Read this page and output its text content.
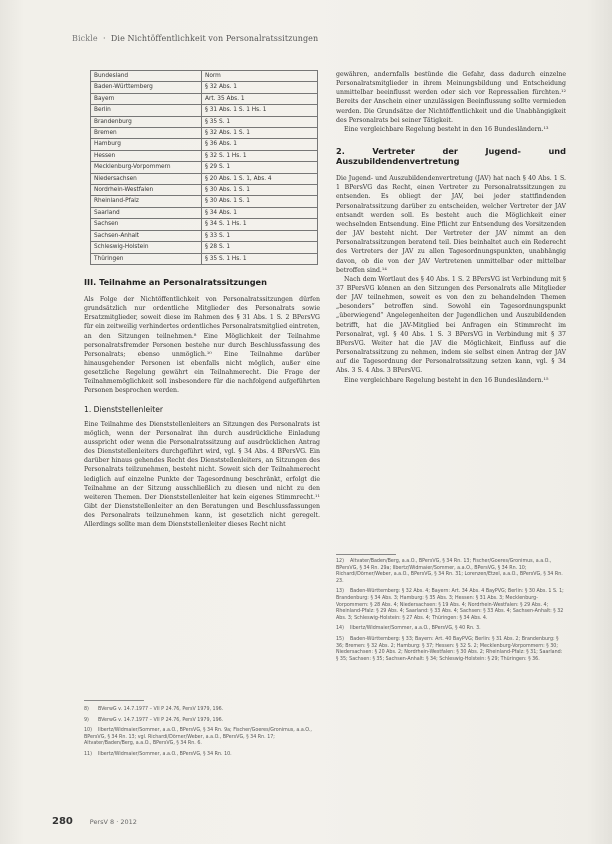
Bickle  ·  Die Nichtöffentlichkeit von Personalratssitzungen
Bundesland	Norm
Baden-Württemberg	§ 32 Abs. 1
Bayern	Art. 35 Abs. 1
Berlin	§ 31 Abs. 1 S. 1 Hs. 1
Brandenburg	§ 35 S. 1
Bremen	§ 32 Abs. 1 S. 1
Hamburg	§ 36 Abs. 1
Hessen	§ 32 S. 1 Hs. 1
Mecklenburg-Vorpommern	§ 29 S. 1
Niedersachsen	§ 20 Abs. 1 S. 1, Abs. 4
Nordrhein-Westfalen	§ 30 Abs. 1 S. 1
Rheinland-Pfalz	§ 30 Abs. 1 S. 1
Saarland	§ 34 Abs. 1
Sachsen	§ 34 S. 1 Hs. 1
Sachsen-Anhalt	§ 33 S. 1
Schleswig-Holstein	§ 28 S. 1
Thüringen	§ 35 S. 1 Hs. 1
III. Teilnahme an Personalratssitzungen

Als Folge der Nichtöffentlichkeit von Personalratssitzungen dürfen grundsätzlich nur ordentliche Mitglieder des Personalrats sowie Ersatzmitglieder, soweit diese im Rahmen des § 31 Abs. 1 S. 2 BPersVG für ein zeitweilig verhindertes ordentliches Personalratsmitglied eintreten, an den Sitzungen teilnehmen.⁸ Eine Möglichkeit der Teilnahme personalratsfremder Personen bestehe nur durch Beschlussfassung des Personalrats; ebenso unmöglich.¹⁰ Eine Teilnahme darüber hinausgehender Personen ist ebenfalls nicht möglich, außer eine gesetzliche Regelung gewährt ein Teilnahmerecht. Die Frage der Teilnahmemöglichkeit soll insbesondere für die nachfolgend aufgeführten Personen besprochen werden.

1. Dienststellenleiter

Eine Teilnahme des Dienststellenleiters an Sitzungen des Personalrats ist möglich, wenn der Personalrat ihn durch ausdrückliche Einladung ausspricht oder wenn die Personalratssitzung auf ausdrücklichen Antrag des Dienststellenleiters durchgeführt wird, vgl. § 34 Abs. 4 BPersVG. Ein darüber hinaus gehendes Recht des Dienststellenleiters, an Sitzungen des Personalrats teilzunehmen, besteht nicht. Soweit sich der Teilnahmerecht lediglich auf einzelne Punkte der Tagesordnung beschränkt, erfolgt die Teilnahme an der Sitzung ausschließlich zu diesen und nicht zu den weiteren Themen. Der Dienststellenleiter hat kein eigenes Stimmrecht.¹¹ Gibt der Dienststellenleiter an den Beratungen und Beschlussfassungen des Personalrats teilzunehmen kann, ist gesetzlich nicht geregelt. Allerdings sollte man dem Dienststellenleiter dieses Recht nicht

8) BVerwG v. 14.7.1977 – VII P 24.76, PersV 1979, 196.
9) BVerwG v. 14.7.1977 – VII P 24.76, PersV 1979, 196.
10) Ilbertz/Widmaier/Sommer, a.a.O., BPersVG, § 34 Rn. 9a; Fischer/Goeres/Gronimus, a.a.O., BPersVG, § 34 Rn. 13; vgl. Richardi/Dörner/Weber, a.a.O., BPersVG, § 34 Rn. 17; Altvater/Baden/Berg, a.a.O., BPersVG, § 34 Rn. 6.
11) Ilbertz/Widmaier/Sommer, a.a.O., BPersVG, § 34 Rn. 10.

gewähren, andernfalls bestünde die Gefahr, dass dadurch einzelne Personalratsmitglieder in ihrem Meinungsbildung und Entscheidung unmittelbar beeinflusst werden oder sich vor Repressalien fürchten.¹² Bereits der Anschein einer unzulässigen Beeinflussung sollte vermieden werden. Die Grundsätze der Nichtöffentlichkeit und die Unabhängigkeit des Personalrats bei seiner Tätigkeit.

Eine vergleichbare Regelung besteht in den 16 Bundesländern.¹³

2. Vertreter der Jugend- und Auszubildendenvertretung

Die Jugend- und Auszubildendenvertretung (JAV) hat nach § 40 Abs. 1 S. 1 BPersVG das Recht, einen Vertreter zu Personalratssitzungen zu entsenden. Es obliegt der JAV, bei jeder stattfindenden Personalratssitzung darüber zu entscheiden, welcher Vertreter der JAV entsandt werden soll. Es besteht auch die Möglichkeit einer wechselnden Entsendung. Eine Pflicht zur Entsendung des Vorsitzenden der JAV besteht nicht. Der Vertreter der JAV nimmt an den Personalratssitzungen beratend teil. Dies beinhaltet auch ein Rederecht des Vertreters der JAV zu allen Tagesordnungspunkten, unabhängig davon, ob die von der JAV Vertretenen unmittelbar oder mittelbar betroffen sind.¹⁴

Nach dem Wortlaut des § 40 Abs. 1 S. 2 BPersVG ist Verbindung mit § 37 BPersVG können an den Sitzungen des Personalrats alle Mitglieder der JAV teilnehmen, soweit es von den zu behandelnden Themen „besonders“ betroffen sind. Sowohl ein Tagesordnungspunkt „überwiegend“ Angelegenheiten der Jugendlichen und Auszubildenden betrifft, hat die JAV-Mitglied bei Anfragen ein Stimmrecht im Personalrat, vgl. § 40 Abs. 1 S. 3 BPersVG in Verbindung mit § 37 BPersVG. Weiter hat die JAV die Möglichkeit, Einfluss auf die Personalratssitzung zu nehmen, indem sie selbst einen Antrag der JAV auf die Tagesordnung der Personalratssitzung setzen kann, vgl. § 34 Abs. 3 S. 4 Abs. 3 BPersVG.

Eine vergleichbare Regelung besteht in den 16 Bundesländern.¹⁵

12) Altvater/Baden/Berg, a.a.O., BPersVG, § 34 Rn. 13; Fischer/Goeres/Gronimus, a.a.O., BPersVG, § 34 Rn. 29a; Ilbertz/Widmaier/Sommer, a.a.O., BPersVG, § 34 Rn. 10; Richardi/Dörner/Weber, a.a.O., BPersVG, § 34 Rn. 31; Lorenzen/Etzel, a.a.O., BPersVG, § 34 Rn. 23.
13) Baden-Württemberg: § 32 Abs. 4; Bayern: Art. 34 Abs. 4 BayPVG; Berlin: § 30 Abs. 1 S. 1; Brandenburg: § 34 Abs. 3; Hamburg: § 35 Abs. 3; Hessen: § 31 Abs. 3; Mecklenburg-Vorpommern: § 28 Abs. 4; Niedersachsen: § 19 Abs. 4; Nordrhein-Westfalen: § 29 Abs. 4; Rheinland-Pfalz: § 29 Abs. 4; Saarland: § 33 Abs. 4; Sachsen: § 33 Abs. 4; Sachsen-Anhalt: § 32 Abs. 3; Schleswig-Holstein: § 27 Abs. 4; Thüringen: § 34 Abs. 4.
14) Ilbertz/Widmaier/Sommer, a.a.O., BPersVG, § 40 Rn. 3.
15) Baden-Württemberg: § 33; Bayern: Art. 40 BayPVG; Berlin: § 31 Abs. 2; Brandenburg: § 36; Bremen: § 32 Abs. 2; Hamburg: § 37; Hessen: § 32 S. 2; Mecklenburg-Vorpommern: § 30; Niedersachsen: § 20 Abs. 2; Nordrhein-Westfalen: § 30 Abs. 2; Rheinland-Pfalz: § 31; Saarland: § 35; Sachsen: § 35; Sachsen-Anhalt: § 34; Schleswig-Holstein: § 29; Thüringen: § 36.
280	PersV 8 · 2012
